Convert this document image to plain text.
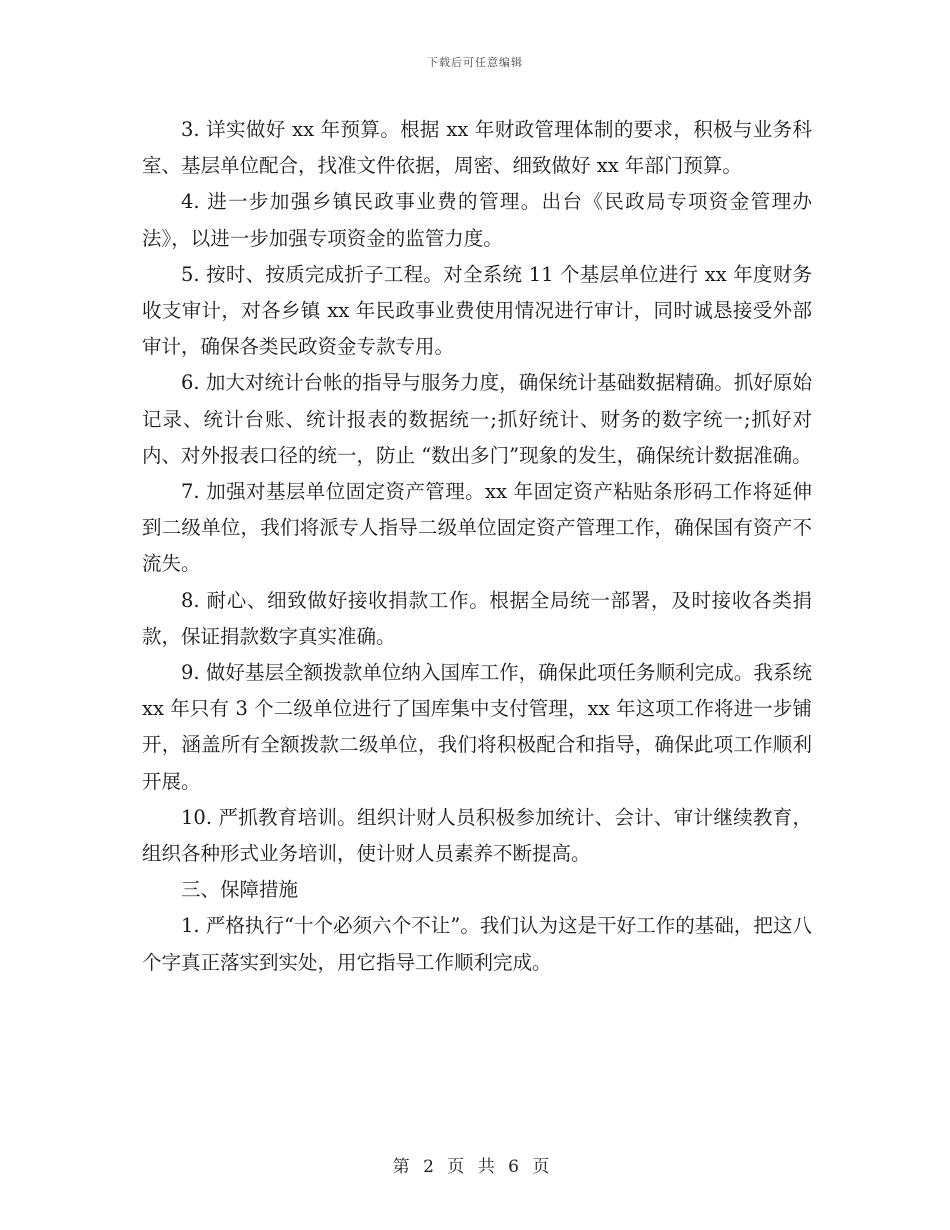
下载后可任意编辑

3. 详实做好 xx 年预算。根据 xx 年财政管理体制的要求，积极与业务科室、基层单位配合，找准文件依据，周密、细致做好 xx 年部门预算。

4. 进一步加强乡镇民政事业费的管理。出台《民政局专项资金管理办法》，以进一步加强专项资金的监管力度。

5. 按时、按质完成折子工程。对全系统 11 个基层单位进行 xx 年度财务收支审计，对各乡镇 xx 年民政事业费使用情况进行审计，同时诚恳接受外部审计，确保各类民政资金专款专用。

6. 加大对统计台帐的指导与服务力度，确保统计基础数据精确。抓好原始记录、统计台账、统计报表的数据统一;抓好统计、财务的数字统一;抓好对内、对外报表口径的统一，防止 “数出多门”现象的发生，确保统计数据准确。

7. 加强对基层单位固定资产管理。xx 年固定资产粘贴条形码工作将延伸到二级单位，我们将派专人指导二级单位固定资产管理工作，确保国有资产不流失。

8. 耐心、细致做好接收捐款工作。根据全局统一部署，及时接收各类捐款，保证捐款数字真实准确。

9. 做好基层全额拨款单位纳入国库工作，确保此项任务顺利完成。我系统 xx 年只有 3 个二级单位进行了国库集中支付管理，xx 年这项工作将进一步铺开，涵盖所有全额拨款二级单位，我们将积极配合和指导，确保此项工作顺利开展。

10. 严抓教育培训。组织计财人员积极参加统计、会计、审计继续教育，组织各种形式业务培训，使计财人员素养不断提高。

三、保障措施

1. 严格执行“十个必须六个不让”。我们认为这是干好工作的基础，把这八个字真正落实到实处，用它指导工作顺利完成。

第 2 页 共 6 页
